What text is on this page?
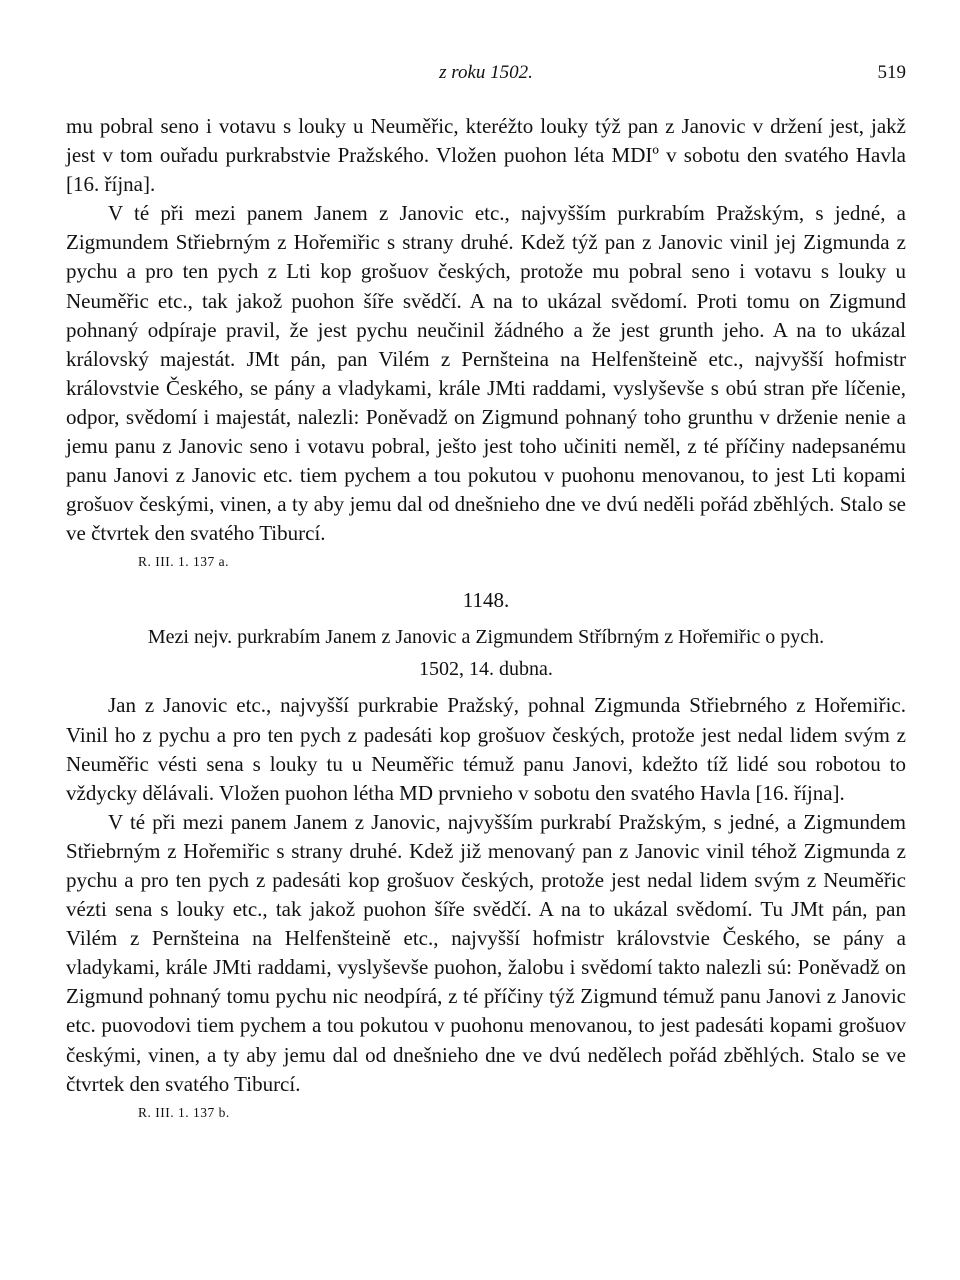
z roku 1502.	519

mu pobral seno i votavu s louky u Neuměřic, kteréžto louky týž pan z Janovic v držení jest, jakž jest v tom ouřadu purkrabstvie Pražského. Vložen puohon léta MDIº v sobotu den svatého Havla [16. října].

V té při mezi panem Janem z Janovic etc., najvyšším purkrabím Pražským, s jedné, a Zigmundem Střiebrným z Hořemiřic s strany druhé. Kdež týž pan z Janovic vinil jej Zigmunda z pychu a pro ten pych z Lti kop grošuov českých, protože mu pobral seno i votavu s louky u Neuměřic etc., tak jakož puohon šíře svědčí. A na to ukázal svědomí. Proti tomu on Zigmund pohnaný odpíraje pravil, že jest pychu neučinil žádného a že jest grunth jeho. A na to ukázal královský majestát. JMt pán, pan Vilém z Pernšteina na Helfenšteině etc., najvyšší hofmistr královstvie Českého, se pány a vladykami, krále JMti raddami, vyslyševše s obú stran pře líčenie, odpor, svědomí i majestát, nalezli: Poněvadž on Zigmund pohnaný toho grunthu v drženie nenie a jemu panu z Janovic seno i votavu pobral, ješto jest toho učiniti neměl, z té příčiny nadepsanému panu Janovi z Janovic etc. tiem pychem a tou pokutou v puohonu menovanou, to jest Lti kopami grošuov českými, vinen, a ty aby jemu dal od dnešnieho dne ve dvú neděli pořád zběhlých. Stalo se ve čtvrtek den svatého Tiburcí.

R. III. 1. 137 a.
1148.
Mezi nejv. purkrabím Janem z Janovic a Zigmundem Stříbrným z Hořemiřic o pych.
1502, 14. dubna.

Jan z Janovic etc., najvyšší purkrabie Pražský, pohnal Zigmunda Střiebrného z Hořemiřic. Vinil ho z pychu a pro ten pych z padesáti kop grošuov českých, protože jest nedal lidem svým z Neuměřic vésti sena s louky tu u Neuměřic témuž panu Janovi, kdežto tíž lidé sou robotou to vždycky dělávali. Vložen puohon létha MD prvnieho v sobotu den svatého Havla [16. října].

V té při mezi panem Janem z Janovic, najvyšším purkrabí Pražským, s jedné, a Zigmundem Střiebrným z Hořemiřic s strany druhé. Kdež již menovaný pan z Janovic vinil téhož Zigmunda z pychu a pro ten pych z padesáti kop grošuov českých, protože jest nedal lidem svým z Neuměřic vézti sena s louky etc., tak jakož puohon šíře svědčí. A na to ukázal svědomí. Tu JMt pán, pan Vilém z Pernšteina na Helfenšteině etc., najvyšší hofmistr královstvie Českého, se pány a vladykami, krále JMti raddami, vyslyševše puohon, žalobu i svědomí takto nalezli sú: Poněvadž on Zigmund pohnaný tomu pychu nic neodpírá, z té příčiny týž Zigmund témuž panu Janovi z Janovic etc. puovodovi tiem pychem a tou pokutou v puohonu menovanou, to jest padesáti kopami grošuov českými, vinen, a ty aby jemu dal od dnešnieho dne ve dvú nedělech pořád zběhlých. Stalo se ve čtvrtek den svatého Tiburcí.

R. III. 1. 137 b.
